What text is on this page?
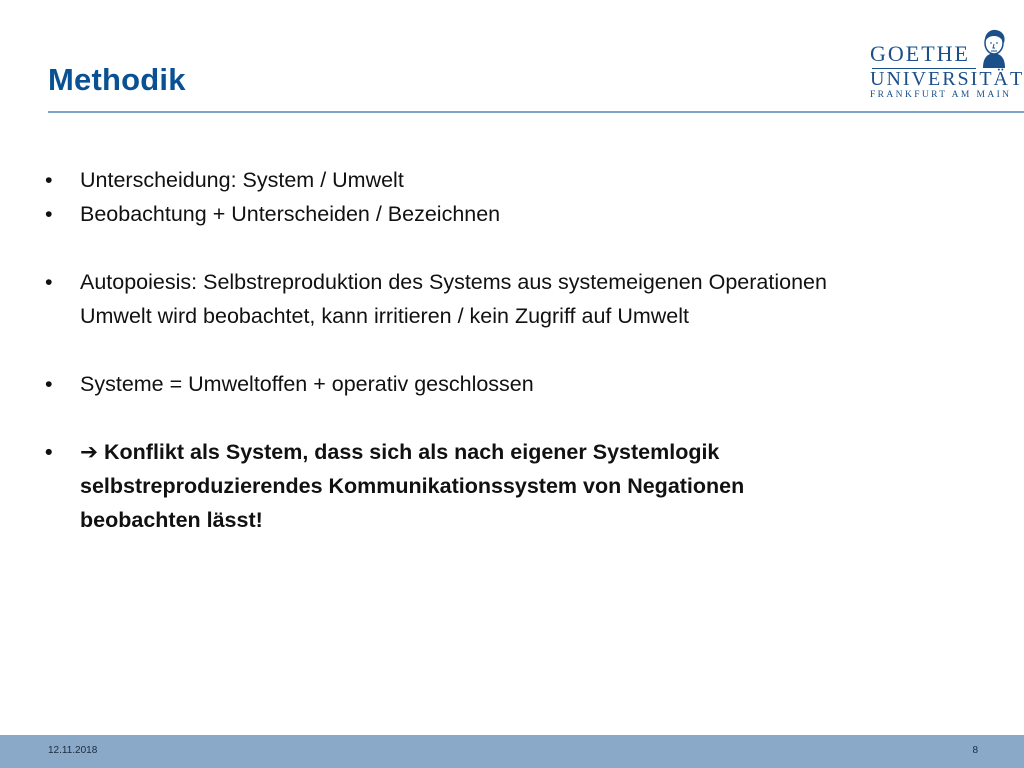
Methodik
GOETHE
UNIVERSITÄT
FRANKFURT AM MAIN
• Unterscheidung: System / Umwelt
• Beobachtung + Unterscheiden / Bezeichnen
• Autopoiesis: Selbstreproduktion des Systems aus systemeigenen Operationen
Umwelt wird beobachtet, kann irritieren / kein Zugriff auf Umwelt
• Systeme = Umweltoffen + operativ geschlossen
• ➔ Konflikt als System, dass sich als nach eigener Systemlogik
selbstreproduzierendes Kommunikationssystem von Negationen
beobachten lässt!
12.11.2018	8
